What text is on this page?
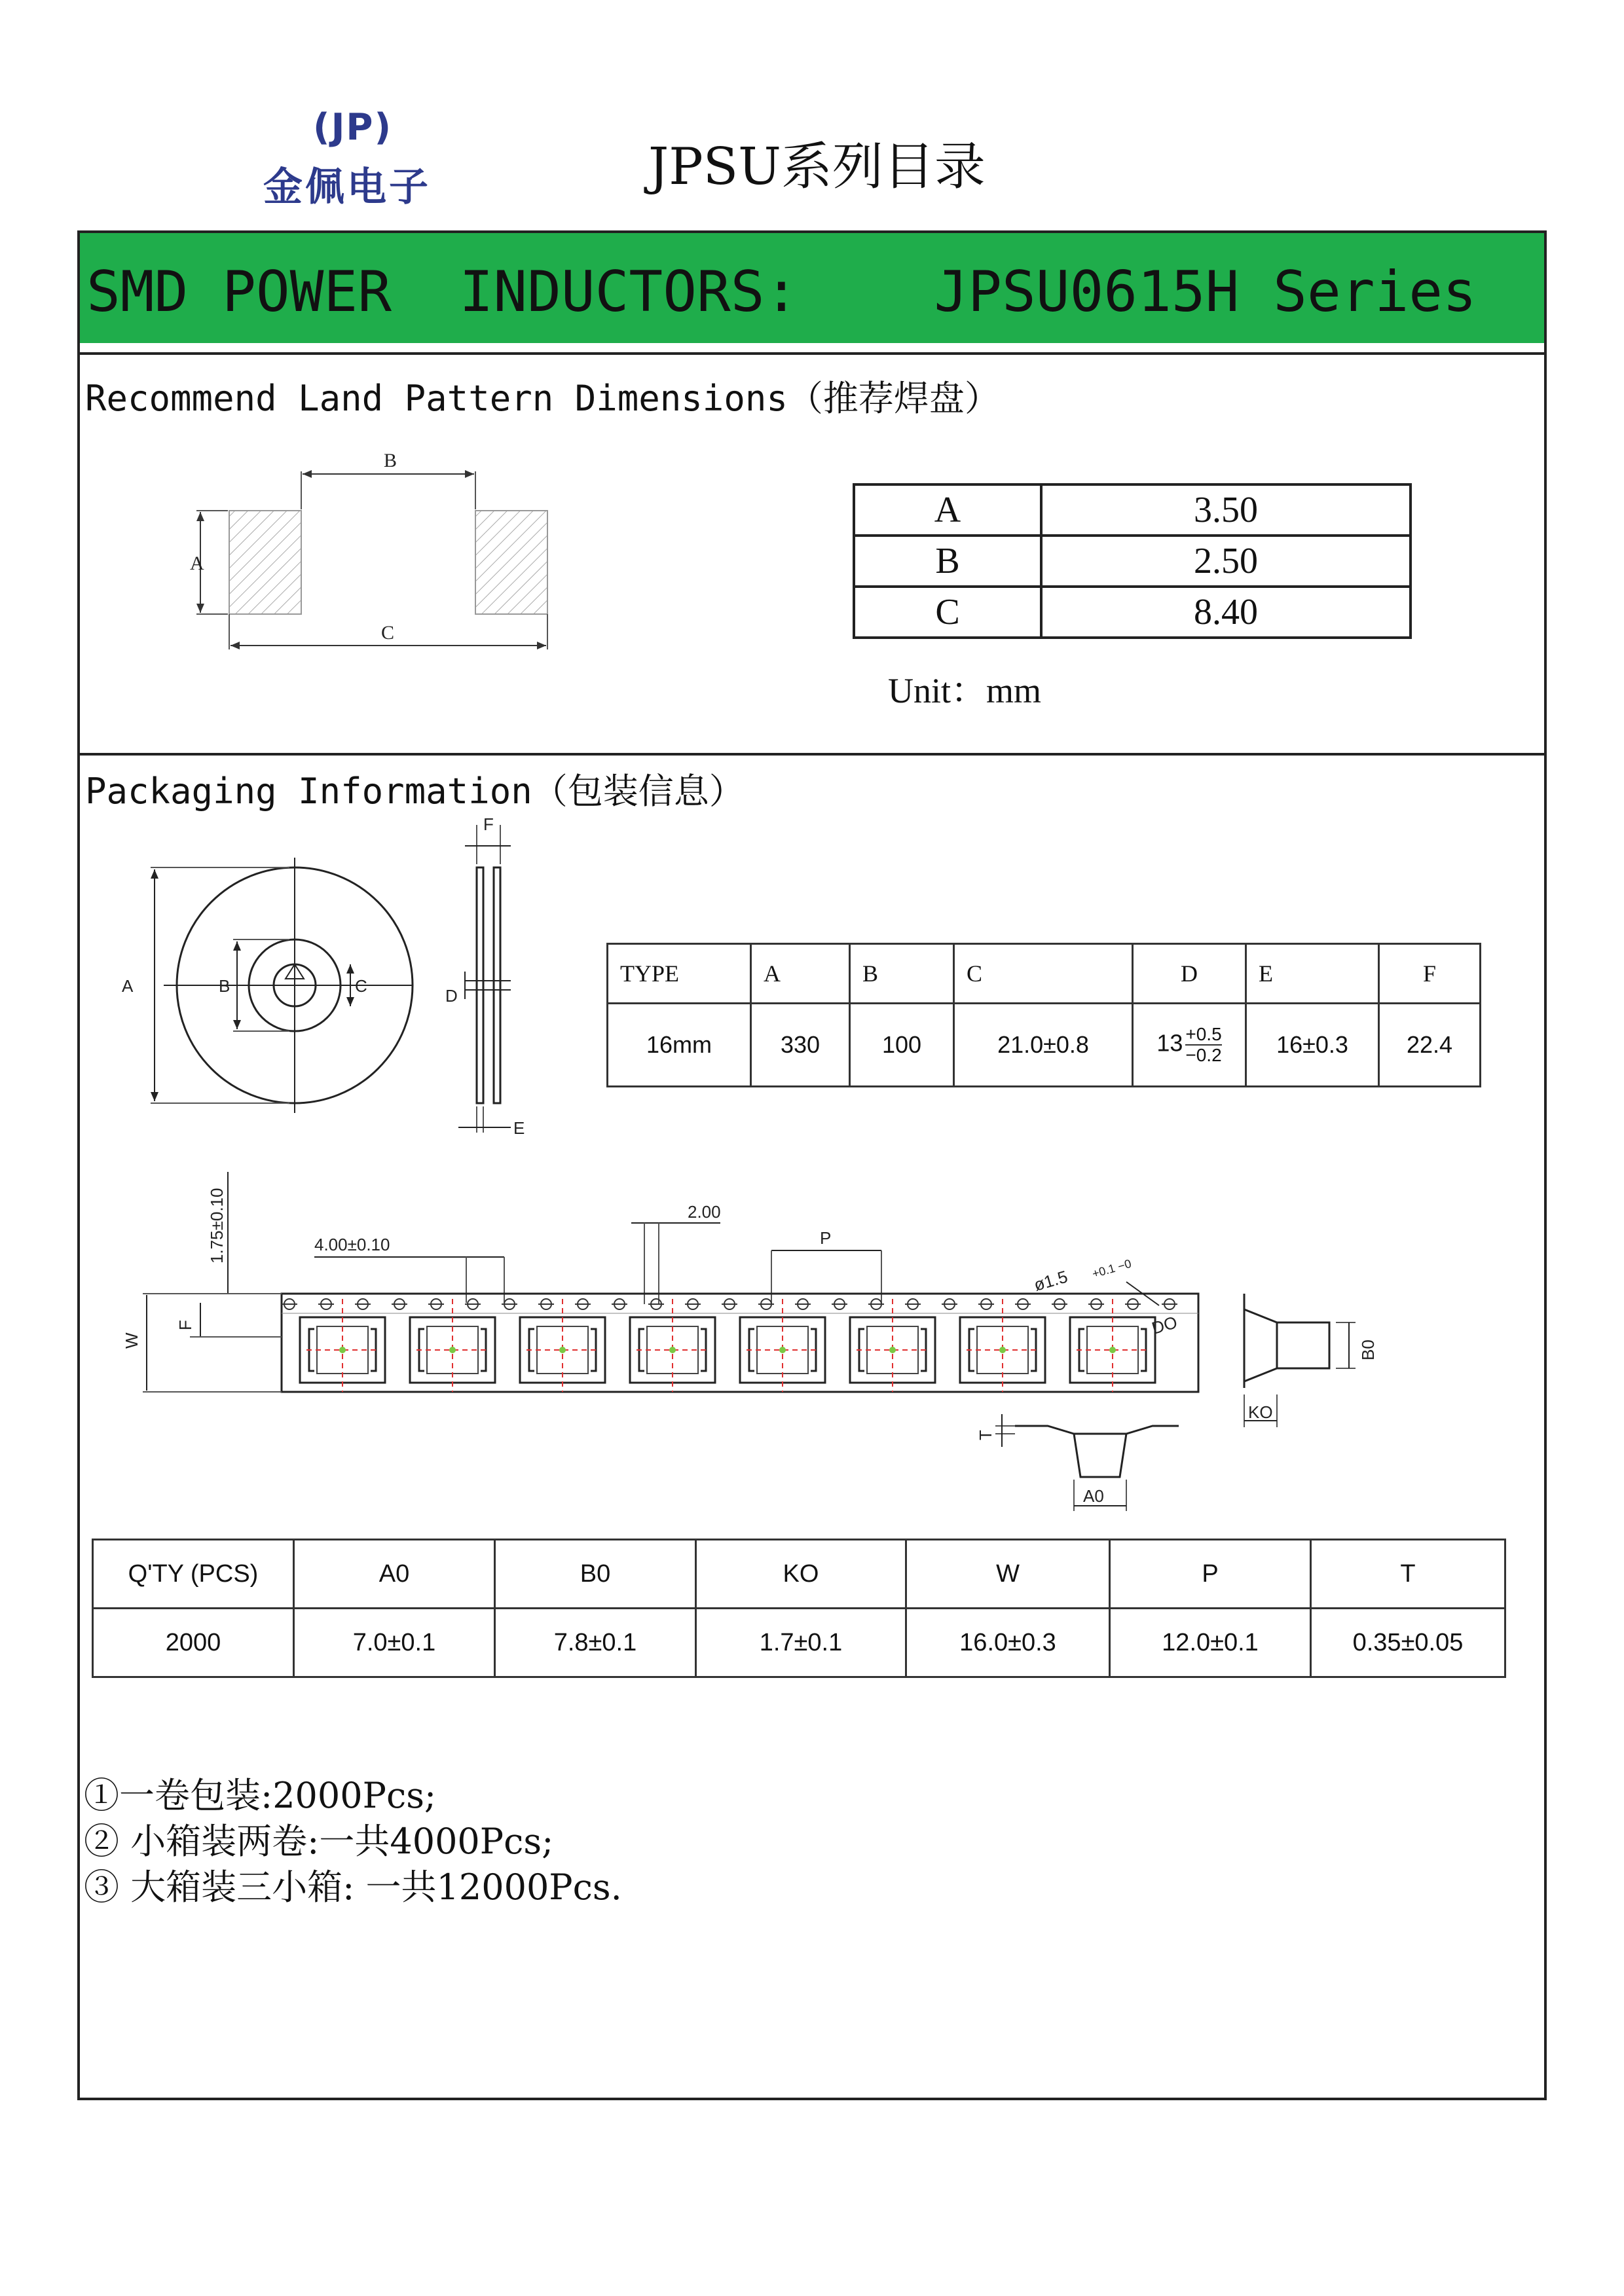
(JP)
金佩电子	JPSU系列目录
SMD POWER  INDUCTORS:    JPSU0615H Series
Recommend Land Pattern Dimensions（推荐焊盘）
B
A
C
A	3.50
B	2.50
C	8.40
Unit：mm
Packaging Information（包装信息）
A	B	C
F
D
E
TYPE	A	B	C	D	E	F
16mm	330	100	21.0±0.8	$13 \frac{+0.5}{-0.2}$	16±0.3	22.4
1.75±0.10	4.00±0.10
2.00
P
ø1.5 +0.1 −0
W
F	DO
B0
KO
T
A0
Q'TY (PCS)	A0	B0	KO	W	P	T
2000	7.0±0.1	7.8±0.1	1.7±0.1	16.0±0.3	12.0±0.1	0.35±0.05
①一卷包装:2000Pcs;
② 小箱装两卷:一共4000Pcs;
③ 大箱装三小箱: 一共12000Pcs.
